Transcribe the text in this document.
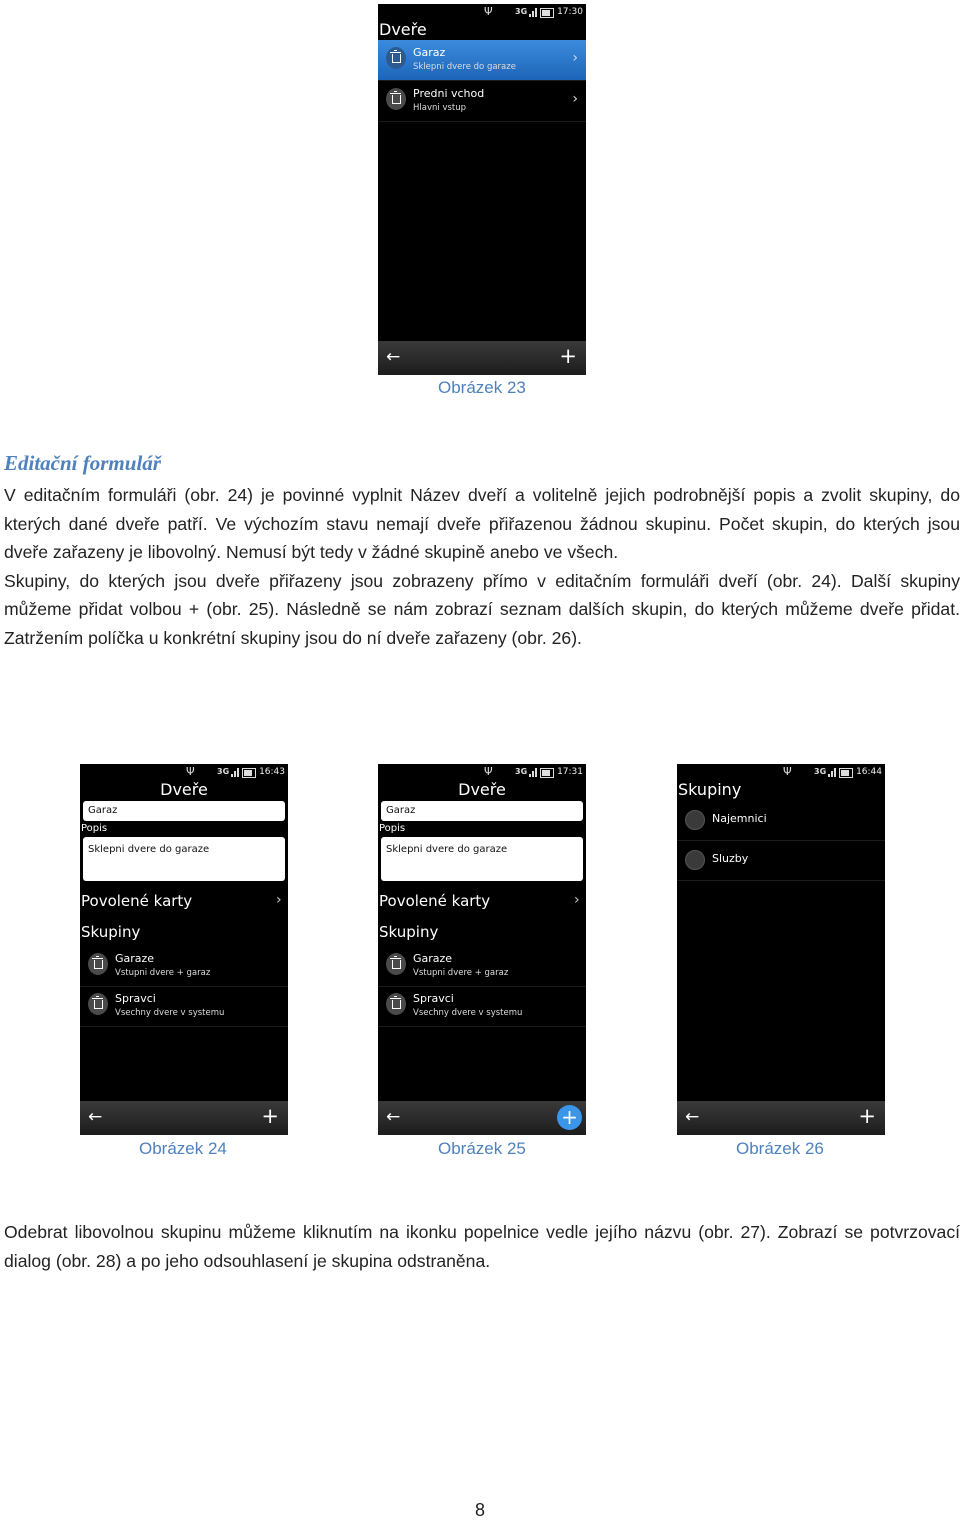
Ψ	3G	17:30
Dveře
Garaz
Sklepni dvere do garaze
›
Predni vchod
Hlavni vstup
›
←	+
Obrázek 23
Editační formulář

V editačním formuláři (obr. 24) je povinné vyplnit Název dveří a volitelně jejich podrobnější popis a zvolit skupiny, do kterých dané dveře patří. Ve výchozím stavu nemají dveře přiřazenou žádnou skupinu. Počet skupin, do kterých jsou dveře zařazeny je libovolný. Nemusí být tedy v žádné skupině anebo ve všech.

Skupiny, do kterých jsou dveře přiřazeny jsou zobrazeny přímo v editačním formuláři dveří (obr. 24). Další skupiny můžeme přidat volbou + (obr. 25). Následně se nám zobrazí seznam dalších skupin, do kterých můžeme dveře přidat. Zatržením políčka u konkrétní skupiny jsou do ní dveře zařazeny (obr. 26).

Ψ	3G	16:43
Dveře
Garaz
Popis
Sklepni dvere do garaze
Povolené karty	›
Skupiny
Garaze
Vstupni dvere + garaz
Spravci
Vsechny dvere v systemu
←	+
Obrázek 24
Ψ	3G	17:31
Dveře
Garaz
Popis
Sklepni dvere do garaze
Povolené karty	›
Skupiny
Garaze
Vstupni dvere + garaz
Spravci
Vsechny dvere v systemu
←	+
Obrázek 25
Ψ	3G	16:44
Skupiny
Najemnici
Sluzby
←	+
Obrázek 26

Odebrat libovolnou skupinu můžeme kliknutím na ikonku popelnice vedle jejího názvu (obr. 27). Zobrazí se potvrzovací dialog (obr. 28) a po jeho odsouhlasení je skupina odstraněna.

8
